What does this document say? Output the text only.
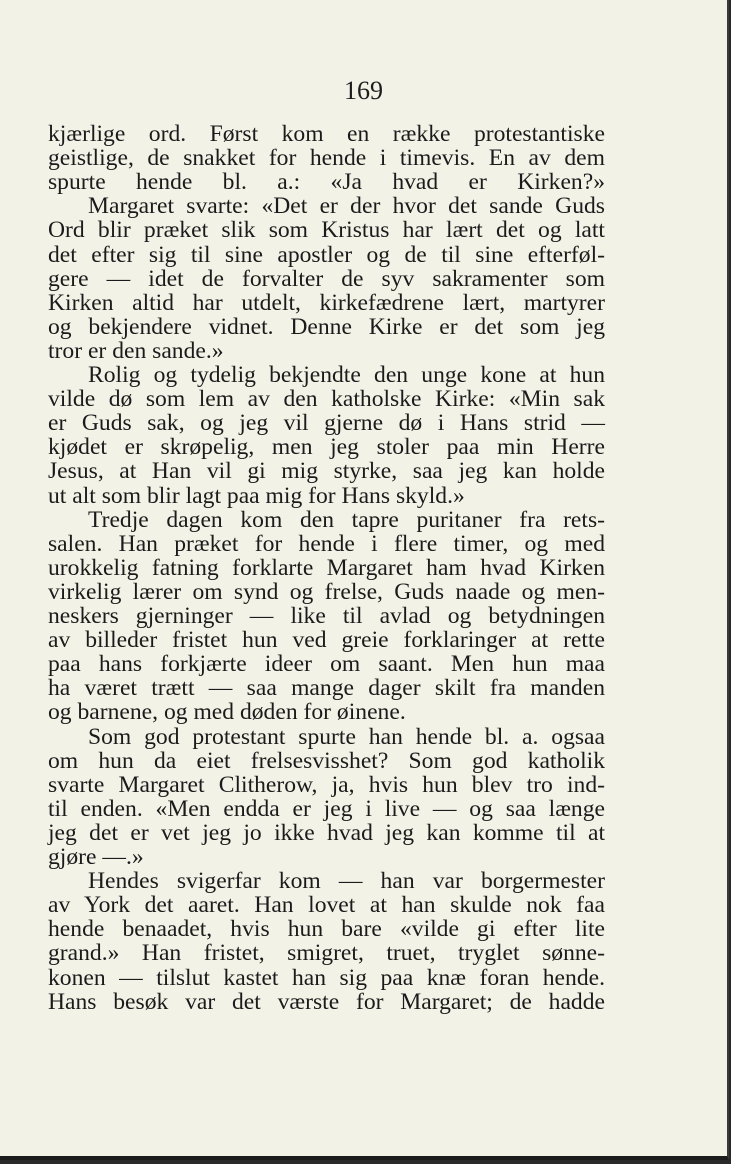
169
kjærlige ord. Først kom en række protestantiske
geistlige, de snakket for hende i timevis. En av dem
spurte hende bl. a.: «Ja hvad er Kirken?»
Margaret svarte: «Det er der hvor det sande Guds
Ord blir præket slik som Kristus har lært det og latt
det efter sig til sine apostler og de til sine efterføl-
gere — idet de forvalter de syv sakramenter som
Kirken altid har utdelt, kirkefædrene lært, martyrer
og bekjendere vidnet. Denne Kirke er det som jeg
tror er den sande.»
Rolig og tydelig bekjendte den unge kone at hun
vilde dø som lem av den katholske Kirke: «Min sak
er Guds sak, og jeg vil gjerne dø i Hans strid —
kjødet er skrøpelig, men jeg stoler paa min Herre
Jesus, at Han vil gi mig styrke, saa jeg kan holde
ut alt som blir lagt paa mig for Hans skyld.»
Tredje dagen kom den tapre puritaner fra rets-
salen. Han præket for hende i flere timer, og med
urokkelig fatning forklarte Margaret ham hvad Kirken
virkelig lærer om synd og frelse, Guds naade og men-
neskers gjerninger — like til avlad og betydningen
av billeder fristet hun ved greie forklaringer at rette
paa hans forkjærte ideer om saant. Men hun maa
ha været trætt — saa mange dager skilt fra manden
og barnene, og med døden for øinene.
Som god protestant spurte han hende bl. a. ogsaa
om hun da eiet frelsesvisshet? Som god katholik
svarte Margaret Clitherow, ja, hvis hun blev tro ind-
til enden. «Men endda er jeg i live — og saa længe
jeg det er vet jeg jo ikke hvad jeg kan komme til at
gjøre —.»
Hendes svigerfar kom — han var borgermester
av York det aaret. Han lovet at han skulde nok faa
hende benaadet, hvis hun bare «vilde gi efter lite
grand.» Han fristet, smigret, truet, tryglet sønne-
konen — tilslut kastet han sig paa knæ foran hende.
Hans besøk var det værste for Margaret; de hadde
